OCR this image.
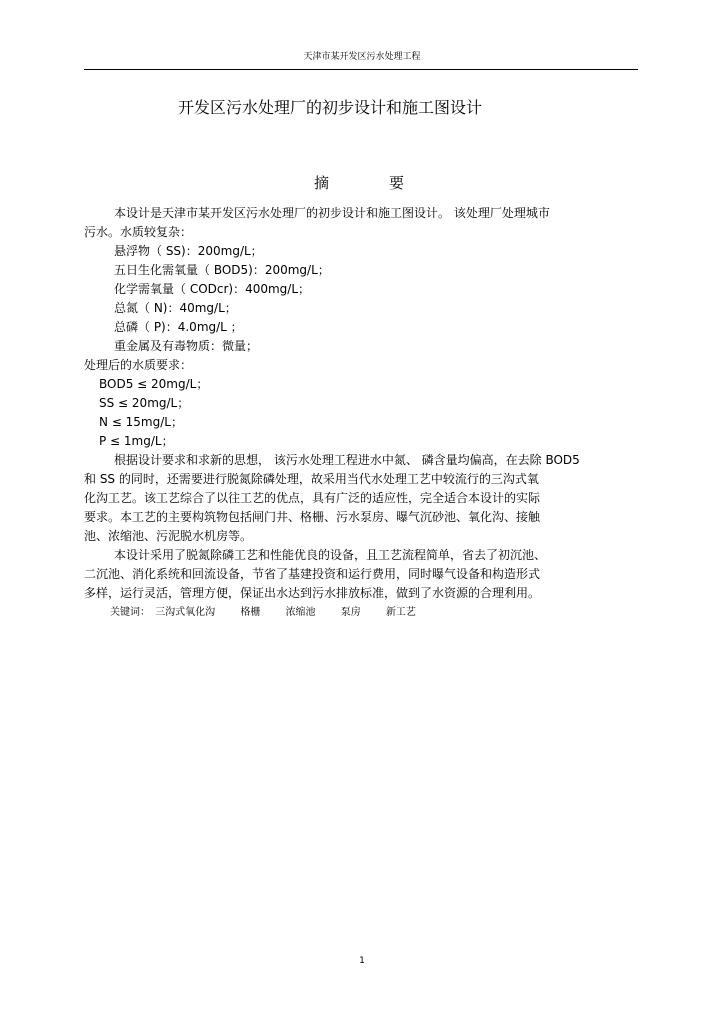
天津市某开发区污水处理工程
开发区污水处理厂的初步设计和施工图设计
摘	要
本设计是天津市某开发区污水处理厂的初步设计和施工图设计。 该处理厂处理城市
污水。水质较复杂：
悬浮物（ SS)：200mg/L；
五日生化需氧量（ BOD5)：200mg/L；
化学需氧量（ CODcr)：400mg/L；
总氮（ N)：40mg/L；
总磷（ P)：4.0mg/L ；
重金属及有毒物质：微量；
处理后的水质要求：
BOD5 ≤ 20mg/L；
SS ≤ 20mg/L；
N ≤ 15mg/L；
P ≤ 1mg/L；
根据设计要求和求新的思想， 该污水处理工程进水中氮、 磷含量均偏高，在去除 BOD5
和 SS 的同时，还需要进行脱氮除磷处理，故采用当代水处理工艺中较流行的三沟式氧
化沟工艺。该工艺综合了以往工艺的优点，具有广泛的适应性，完全适合本设计的实际
要求。本工艺的主要构筑物包括闸门井、格栅、污水泵房、曝气沉砂池、氧化沟、接触
池、浓缩池、污泥脱水机房等。
本设计采用了脱氮除磷工艺和性能优良的设备，且工艺流程简单，省去了初沉池、
二沉池、消化系统和回流设备，节省了基建投资和运行费用，同时曝气设备和构造形式
多样，运行灵活，管理方便，保证出水达到污水排放标准，做到了水资源的合理利用。
关键词： 三沟式氧化沟	格栅	浓缩池	泵房	新工艺
1
